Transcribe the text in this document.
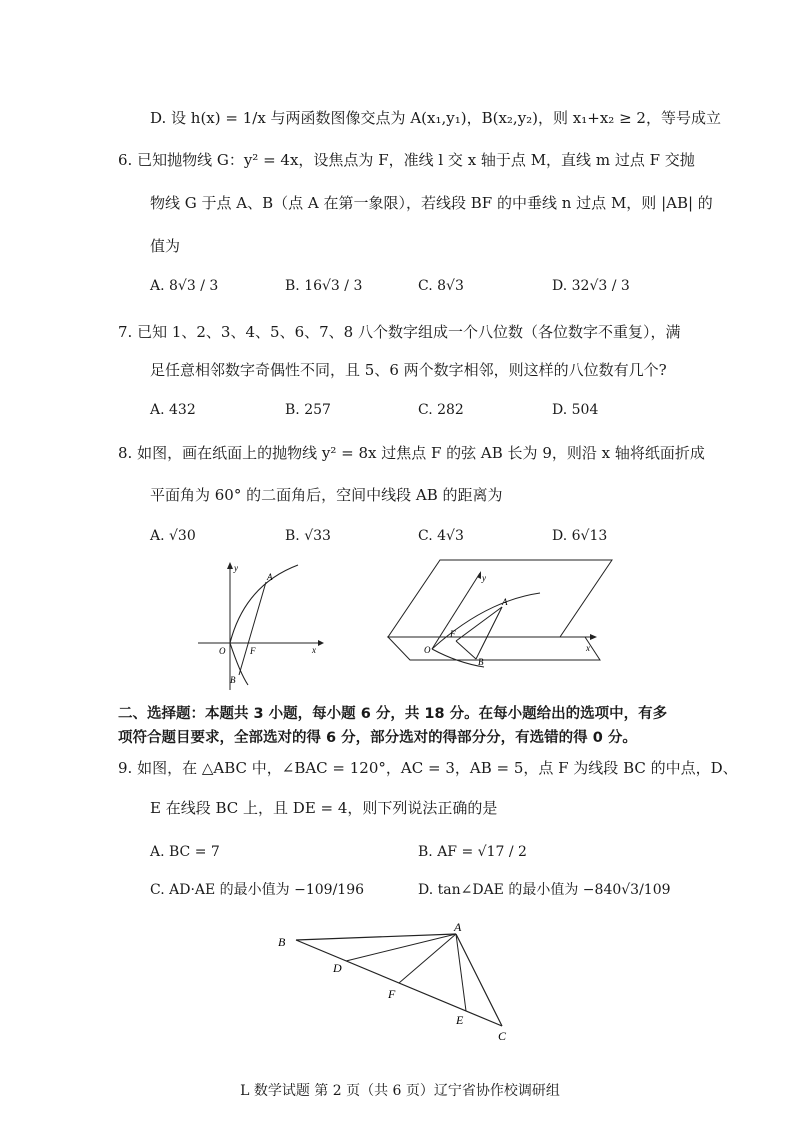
D. 设 h(x) = 1/x 与两函数图像交点为 A(x₁,y₁)，B(x₂,y₂)，则 x₁+x₂ ≥ 2，等号成立
6. 已知抛物线 G：y² = 4x，设焦点为 F，准线 l 交 x 轴于点 M，直线 m 过点 F 交抛
物线 G 于点 A、B（点 A 在第一象限），若线段 BF 的中垂线 n 过点 M，则 |AB| 的
值为
A. 8√3 / 3	B. 16√3 / 3	C. 8√3	D. 32√3 / 3
7. 已知 1、2、3、4、5、6、7、8 八个数字组成一个八位数（各位数字不重复），满
足任意相邻数字奇偶性不同，且 5、6 两个数字相邻，则这样的八位数有几个?
A. 432	B. 257	C. 282	D. 504
8. 如图，画在纸面上的抛物线 y² = 8x 过焦点 F 的弦 AB 长为 9，则沿 x 轴将纸面折成
平面角为 60° 的二面角后，空间中线段 AB 的距离为
A. √30	B. √33	C. 4√3	D. 6√13
y
x
O	F
A
B
y
x
O
F
A
B
二、选择题：本题共 3 小题，每小题 6 分，共 18 分。在每小题给出的选项中，有多
项符合题目要求，全部选对的得 6 分，部分选对的得部分分，有选错的得 0 分。
9. 如图，在 △ABC 中，∠BAC = 120°，AC = 3，AB = 5，点 F 为线段 BC 的中点，D、
E 在线段 BC 上，且 DE = 4，则下列说法正确的是
A. BC = 7	B. AF = √17 / 2
C. AD·AE 的最小值为 −109/196	D. tan∠DAE 的最小值为 −840√3/109
A
B
C
D
E
F
L 数学试题 第 2 页（共 6 页）辽宁省协作校调研组
